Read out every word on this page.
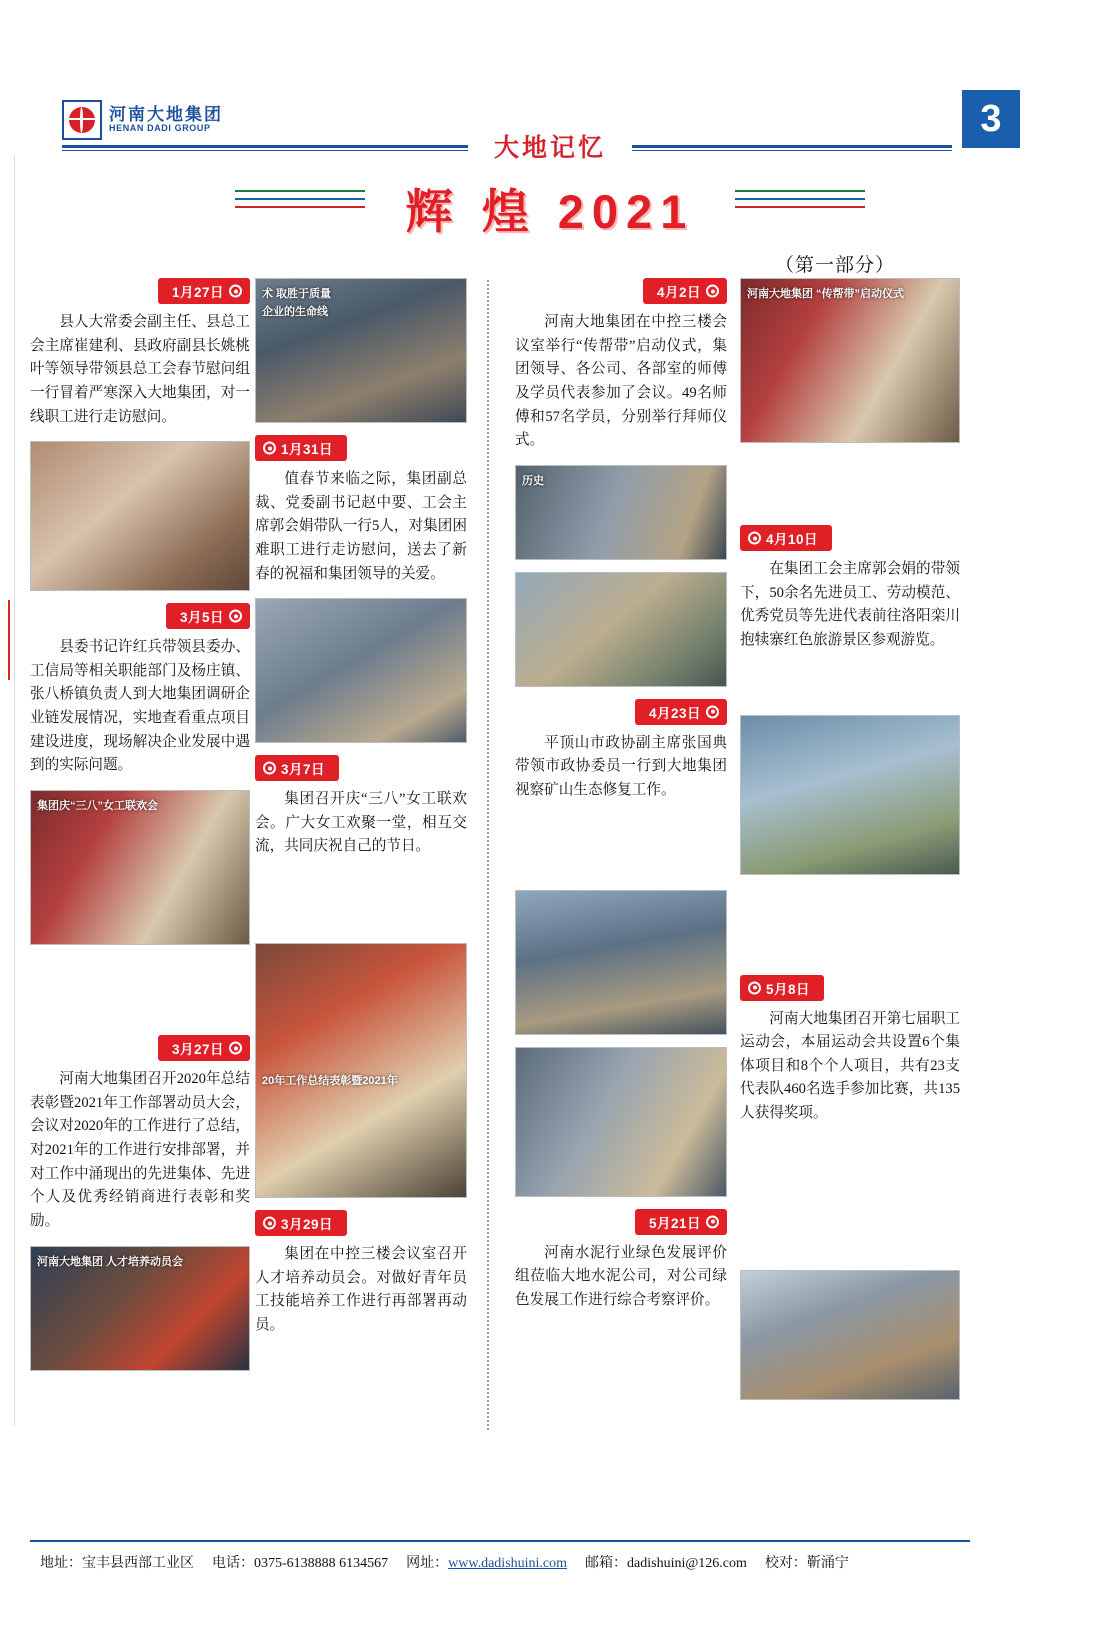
河南大地集团
HENAN DADI GROUP
大地记忆
3
辉 煌 2021
（第一部分）
1月27日

县人大常委会副主任、县总工会主席崔建利、县政府副县长姚桃叶等领导带领县总工会春节慰问组一行冒着严寒深入大地集团，对一线职工进行走访慰问。

3月5日

县委书记许红兵带领县委办、工信局等相关职能部门及杨庄镇、张八桥镇负责人到大地集团调研企业链发展情况，实地查看重点项目建设进度，现场解决企业发展中遇到的实际问题。

集团庆“三八”女工联欢会
3月27日

河南大地集团召开2020年总结表彰暨2021年工作部署动员大会，会议对2020年的工作进行了总结，对2021年的工作进行安排部署，并对工作中涌现出的先进集体、先进个人及优秀经销商进行表彰和奖励。

河南大地集团 人才培养动员会
术 取胜于质量
企业的生命线
1月31日

值春节来临之际，集团副总裁、党委副书记赵中要、工会主席郭会娟带队一行5人，对集团困难职工进行走访慰问，送去了新春的祝福和集团领导的关爱。

3月7日

集团召开庆“三八”女工联欢会。广大女工欢聚一堂，相互交流，共同庆祝自己的节日。

20年工作总结表彰暨2021年
3月29日

集团在中控三楼会议室召开人才培养动员会。对做好青年员工技能培养工作进行再部署再动员。

4月2日

河南大地集团在中控三楼会议室举行“传帮带”启动仪式，集团领导、各公司、各部室的师傅及学员代表参加了会议。49名师傅和57名学员，分别举行拜师仪式。

历史
4月23日

平顶山市政协副主席张国典带领市政协委员一行到大地集团视察矿山生态修复工作。

5月21日

河南水泥行业绿色发展评价组莅临大地水泥公司，对公司绿色发展工作进行综合考察评价。

河南大地集团 “传帮带”启动仪式
4月10日

在集团工会主席郭会娟的带领下，50余名先进员工、劳动模范、优秀党员等先进代表前往洛阳栾川抱犊寨红色旅游景区参观游览。

5月8日

河南大地集团召开第七届职工运动会，本届运动会共设置6个集体项目和8个个人项目，共有23支代表队460名选手参加比赛，共135人获得奖项。

地址：宝丰县西部工业区 电话：0375-6138888 6134567 网址：www.dadishuini.com 邮箱：dadishuini@126.com 校对：靳涌宁
